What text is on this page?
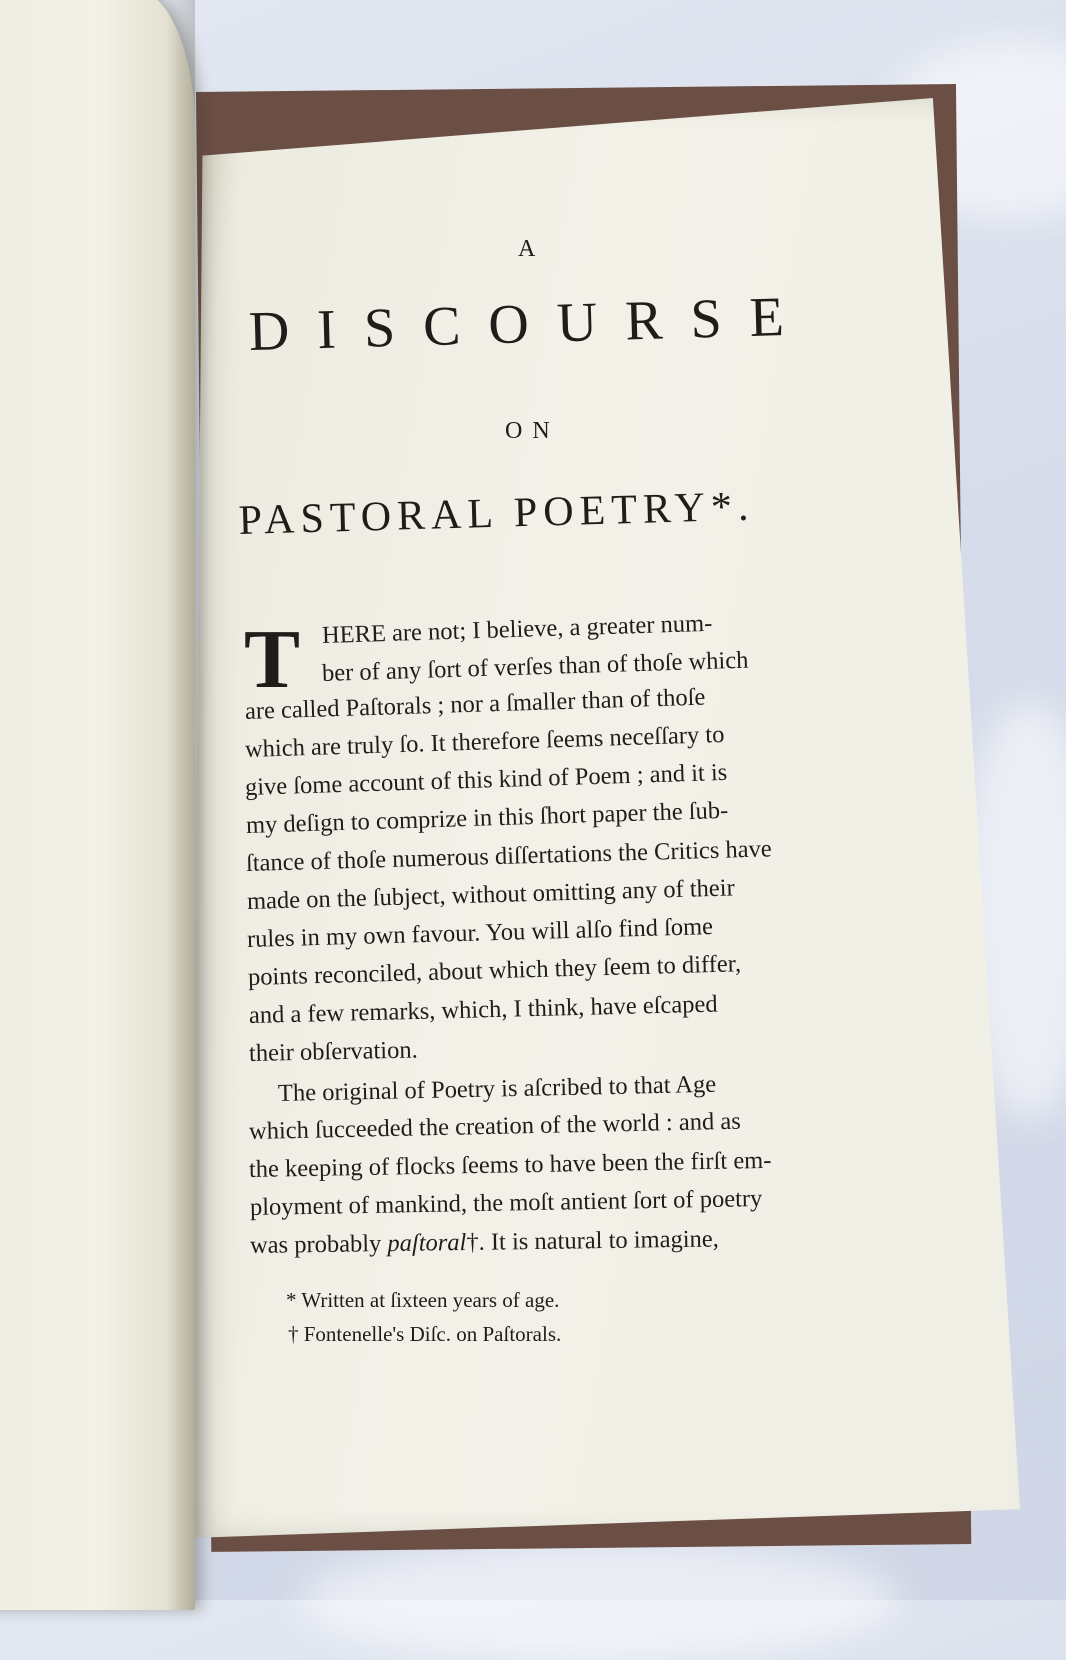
A
DISCOURSE
ON
PASTORAL POETRY*.
T HERE are not; I believe, a greater num-
ber of any ſort of verſes than of thoſe which
are called Paſtorals ; nor a ſmaller than of thoſe
which are truly ſo. It therefore ſeems neceſſary to
give ſome account of this kind of Poem ; and it is
my deſign to comprize in this ſhort paper the ſub-
ſtance of thoſe numerous diſſertations the Critics have
made on the ſubject, without omitting any of their
rules in my own favour. You will alſo find ſome
points reconciled, about which they ſeem to differ,
and a few remarks, which, I think, have eſcaped
their obſervation.
The original of Poetry is aſcribed to that Age
which ſucceeded the creation of the world : and as
the keeping of flocks ſeems to have been the firſt em-
ployment of mankind, the moſt antient ſort of poetry
was probably paſtoral†. It is natural to imagine,
* Written at ſixteen years of age.
† Fontenelle's Diſc. on Paſtorals.
